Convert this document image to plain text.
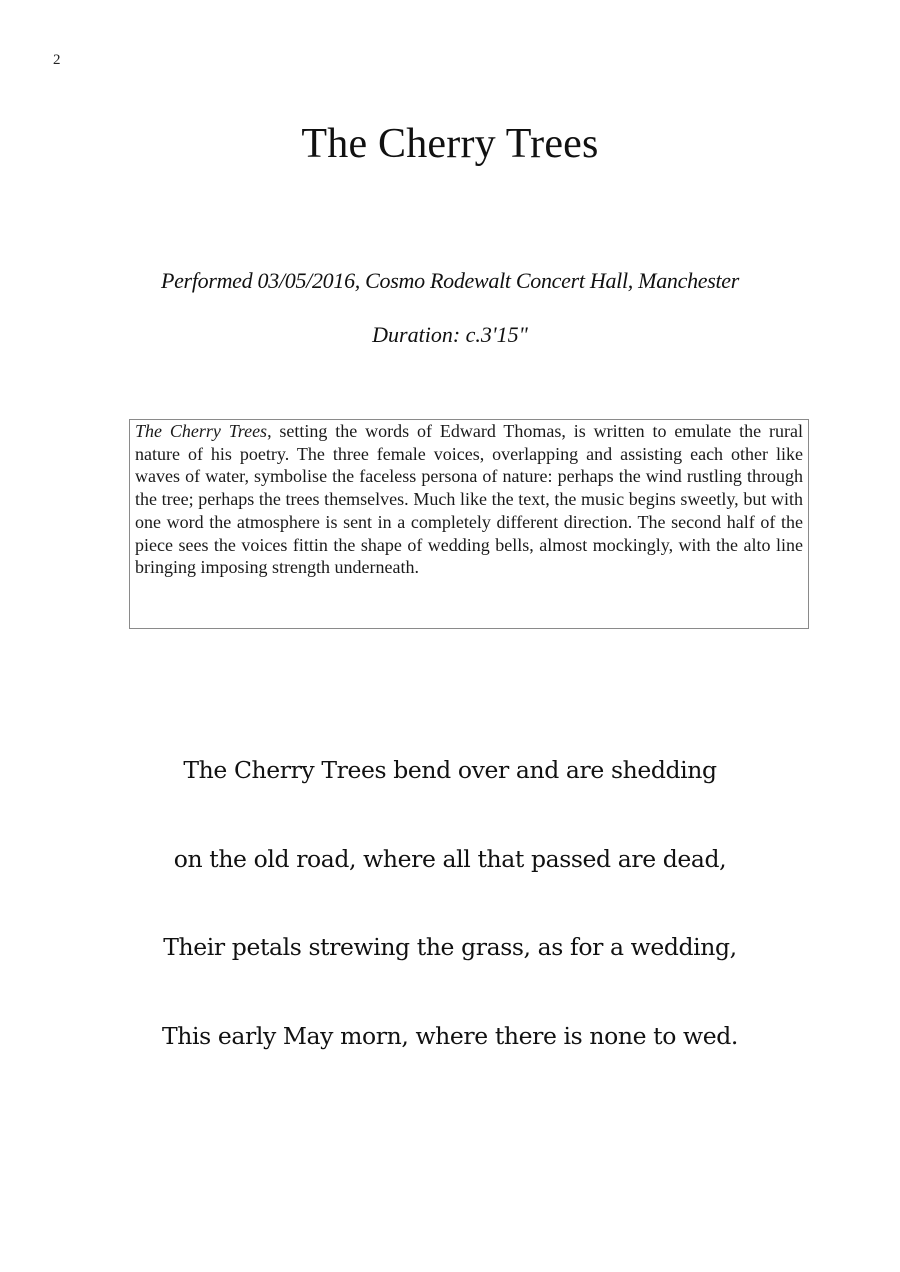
2
The Cherry Trees
Performed 03/05/2016, Cosmo Rodewalt Concert Hall, Manchester
Duration: c.3'15"
The Cherry Trees, setting the words of Edward Thomas, is written to emulate the rural nature of his poetry. The three female voices, overlapping and assisting each other like waves of water, symbolise the faceless persona of nature: perhaps the wind rustling through the tree; perhaps the trees themselves. Much like the text, the music begins sweetly, but with one word the atmosphere is sent in a completely different direction. The second half of the piece sees the voices fittin the shape of wedding bells, almost mockingly, with the alto line bringing imposing strength underneath.
The Cherry Trees bend over and are shedding
on the old road, where all that passed are dead,
Their petals strewing the grass, as for a wedding,
This early May morn, where there is none to wed.
